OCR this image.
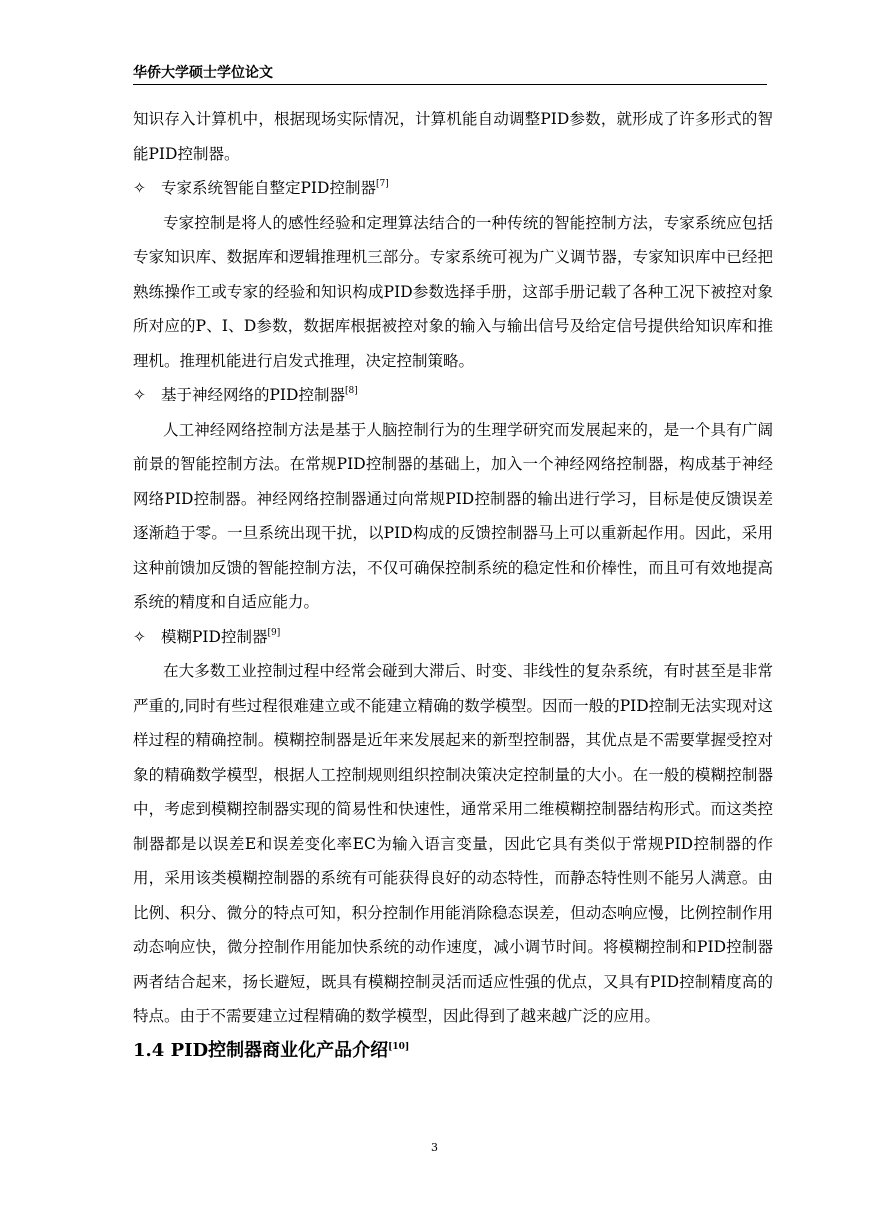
华侨大学硕士学位论文

知识存入计算机中，根据现场实际情况，计算机能自动调整PID参数，就形成了许多形式的智能PID控制器。

✧ 专家系统智能自整定PID控制器[7]

专家控制是将人的感性经验和定理算法结合的一种传统的智能控制方法，专家系统应包括专家知识库、数据库和逻辑推理机三部分。专家系统可视为广义调节器，专家知识库中已经把熟练操作工或专家的经验和知识构成PID参数选择手册，这部手册记载了各种工况下被控对象所对应的P、I、D参数，数据库根据被控对象的输入与输出信号及给定信号提供给知识库和推理机。推理机能进行启发式推理，决定控制策略。

✧ 基于神经网络的PID控制器[8]

人工神经网络控制方法是基于人脑控制行为的生理学研究而发展起来的，是一个具有广阔前景的智能控制方法。在常规PID控制器的基础上，加入一个神经网络控制器，构成基于神经网络PID控制器。神经网络控制器通过向常规PID控制器的输出进行学习，目标是使反馈误差逐渐趋于零。一旦系统出现干扰，以PID构成的反馈控制器马上可以重新起作用。因此，采用这种前馈加反馈的智能控制方法，不仅可确保控制系统的稳定性和价棒性，而且可有效地提高系统的精度和自适应能力。

✧ 模糊PID控制器[9]

在大多数工业控制过程中经常会碰到大滞后、时变、非线性的复杂系统，有时甚至是非常严重的,同时有些过程很难建立或不能建立精确的数学模型。因而一般的PID控制无法实现对这样过程的精确控制。模糊控制器是近年来发展起来的新型控制器，其优点是不需要掌握受控对象的精确数学模型，根据人工控制规则组织控制决策决定控制量的大小。在一般的模糊控制器中，考虑到模糊控制器实现的简易性和快速性，通常采用二维模糊控制器结构形式。而这类控制器都是以误差E和误差变化率EC为输入语言变量，因此它具有类似于常规PID控制器的作用，采用该类模糊控制器的系统有可能获得良好的动态特性，而静态特性则不能另人满意。由比例、积分、微分的特点可知，积分控制作用能消除稳态误差，但动态响应慢，比例控制作用动态响应快，微分控制作用能加快系统的动作速度，减小调节时间。将模糊控制和PID控制器两者结合起来，扬长避短，既具有模糊控制灵活而适应性强的优点，又具有PID控制精度高的特点。由于不需要建立过程精确的数学模型，因此得到了越来越广泛的应用。

1.4 PID控制器商业化产品介绍[10]

3
